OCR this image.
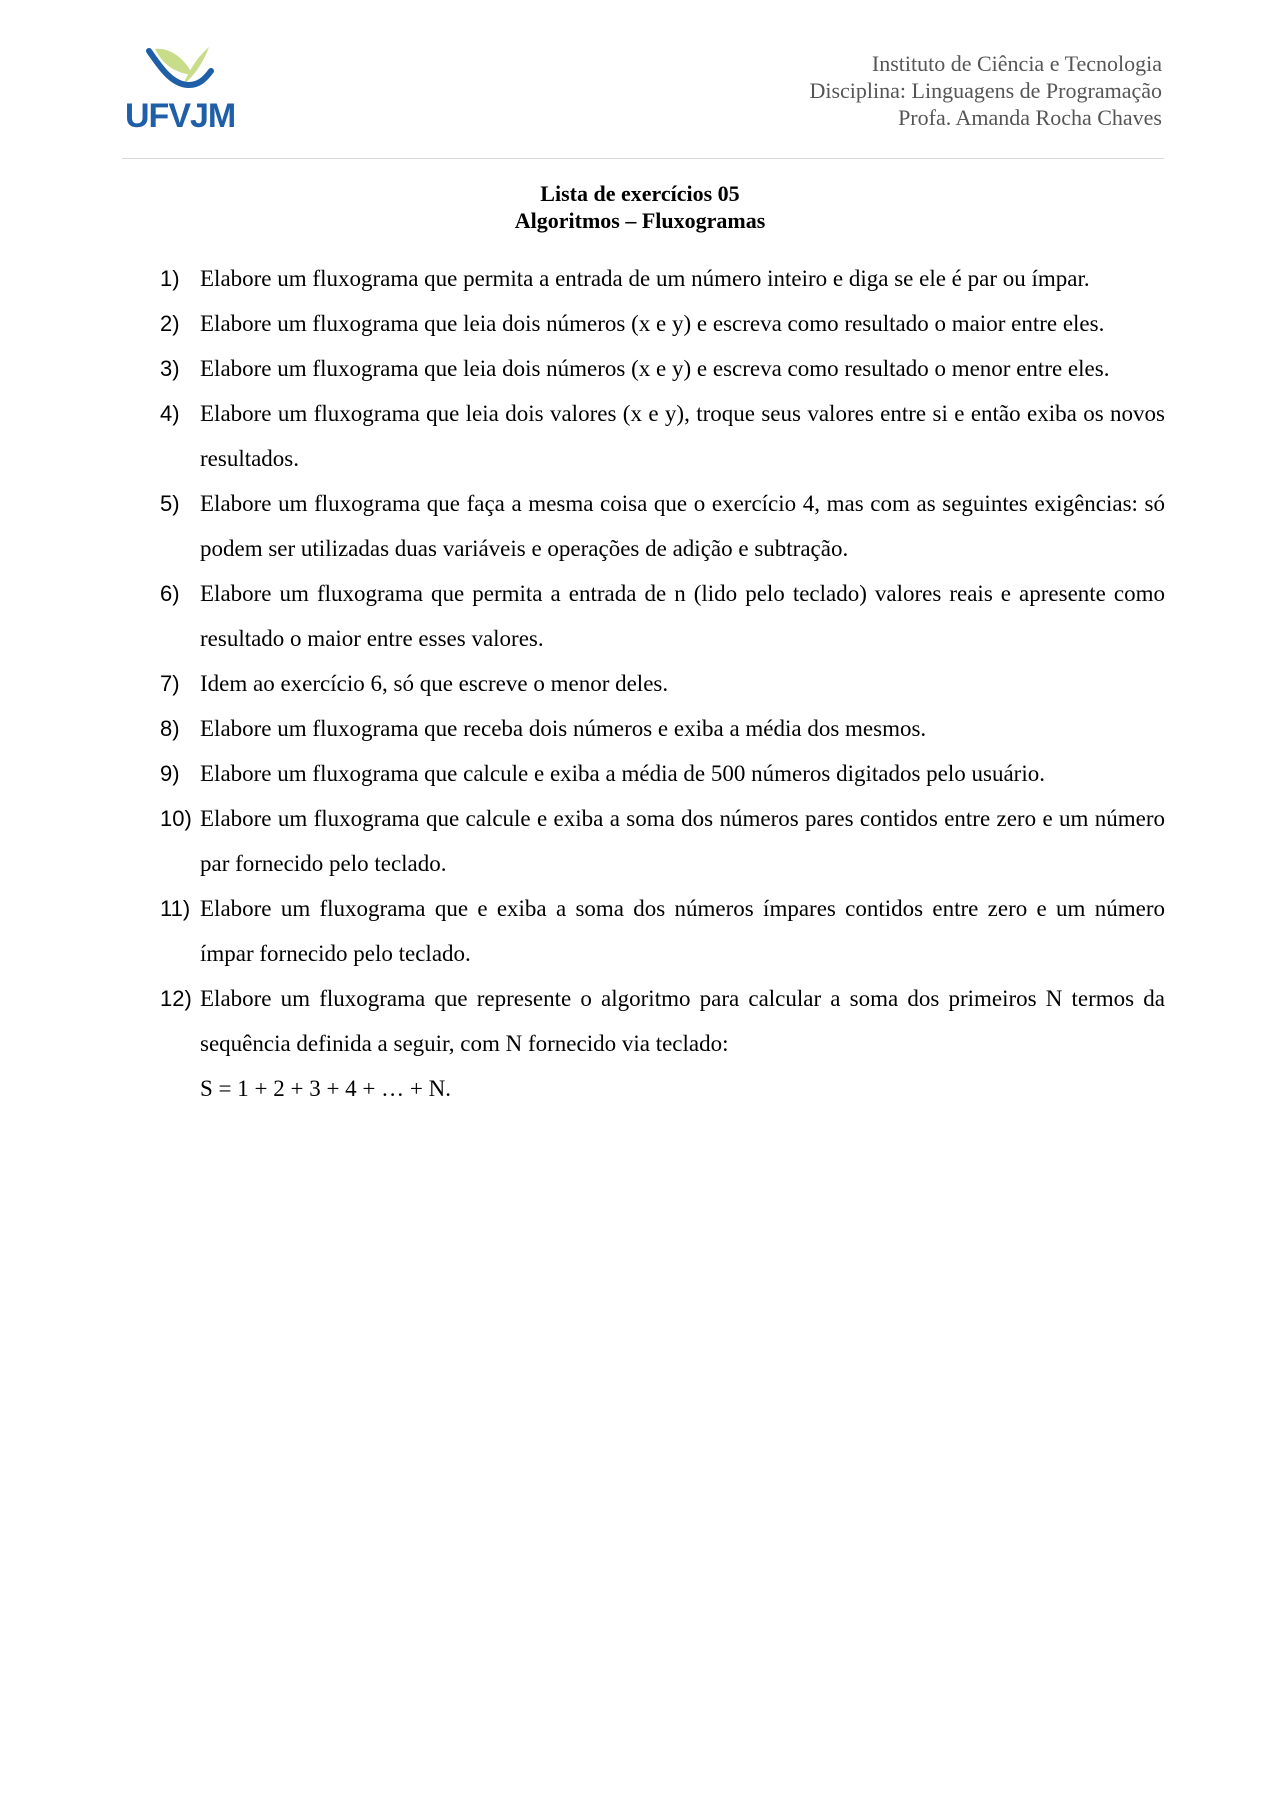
UFVJM
Instituto de Ciência e Tecnologia
Disciplina: Linguagens de Programação
Profa. Amanda Rocha Chaves
Lista de exercícios 05
Algoritmos – Fluxogramas
1) Elabore um fluxograma que permita a entrada de um número inteiro e diga se ele é par ou ímpar.
2) Elabore um fluxograma que leia dois números (x e y) e escreva como resultado o maior entre eles.
3) Elabore um fluxograma que leia dois números (x e y) e escreva como resultado o menor entre eles.
4) Elabore um fluxograma que leia dois valores (x e y), troque seus valores entre si e então exiba os novos resultados.
5) Elabore um fluxograma que faça a mesma coisa que o exercício 4, mas com as seguintes exigências: só podem ser utilizadas duas variáveis e operações de adição e subtração.
6) Elabore um fluxograma que permita a entrada de n (lido pelo teclado) valores reais e apresente como resultado o maior entre esses valores.
7) Idem ao exercício 6, só que escreve o menor deles.
8) Elabore um fluxograma que receba dois números e exiba a média dos mesmos.
9) Elabore um fluxograma que calcule e exiba a média de 500 números digitados pelo usuário.
10) Elabore um fluxograma que calcule e exiba a soma dos números pares contidos entre zero e um número par fornecido pelo teclado.
11) Elabore um fluxograma que e exiba a soma dos números ímpares contidos entre zero e um número ímpar fornecido pelo teclado.
12) Elabore um fluxograma que represente o algoritmo para calcular a soma dos primeiros N termos da sequência definida a seguir, com N fornecido via teclado:
S = 1 + 2 + 3 + 4 + … + N.
